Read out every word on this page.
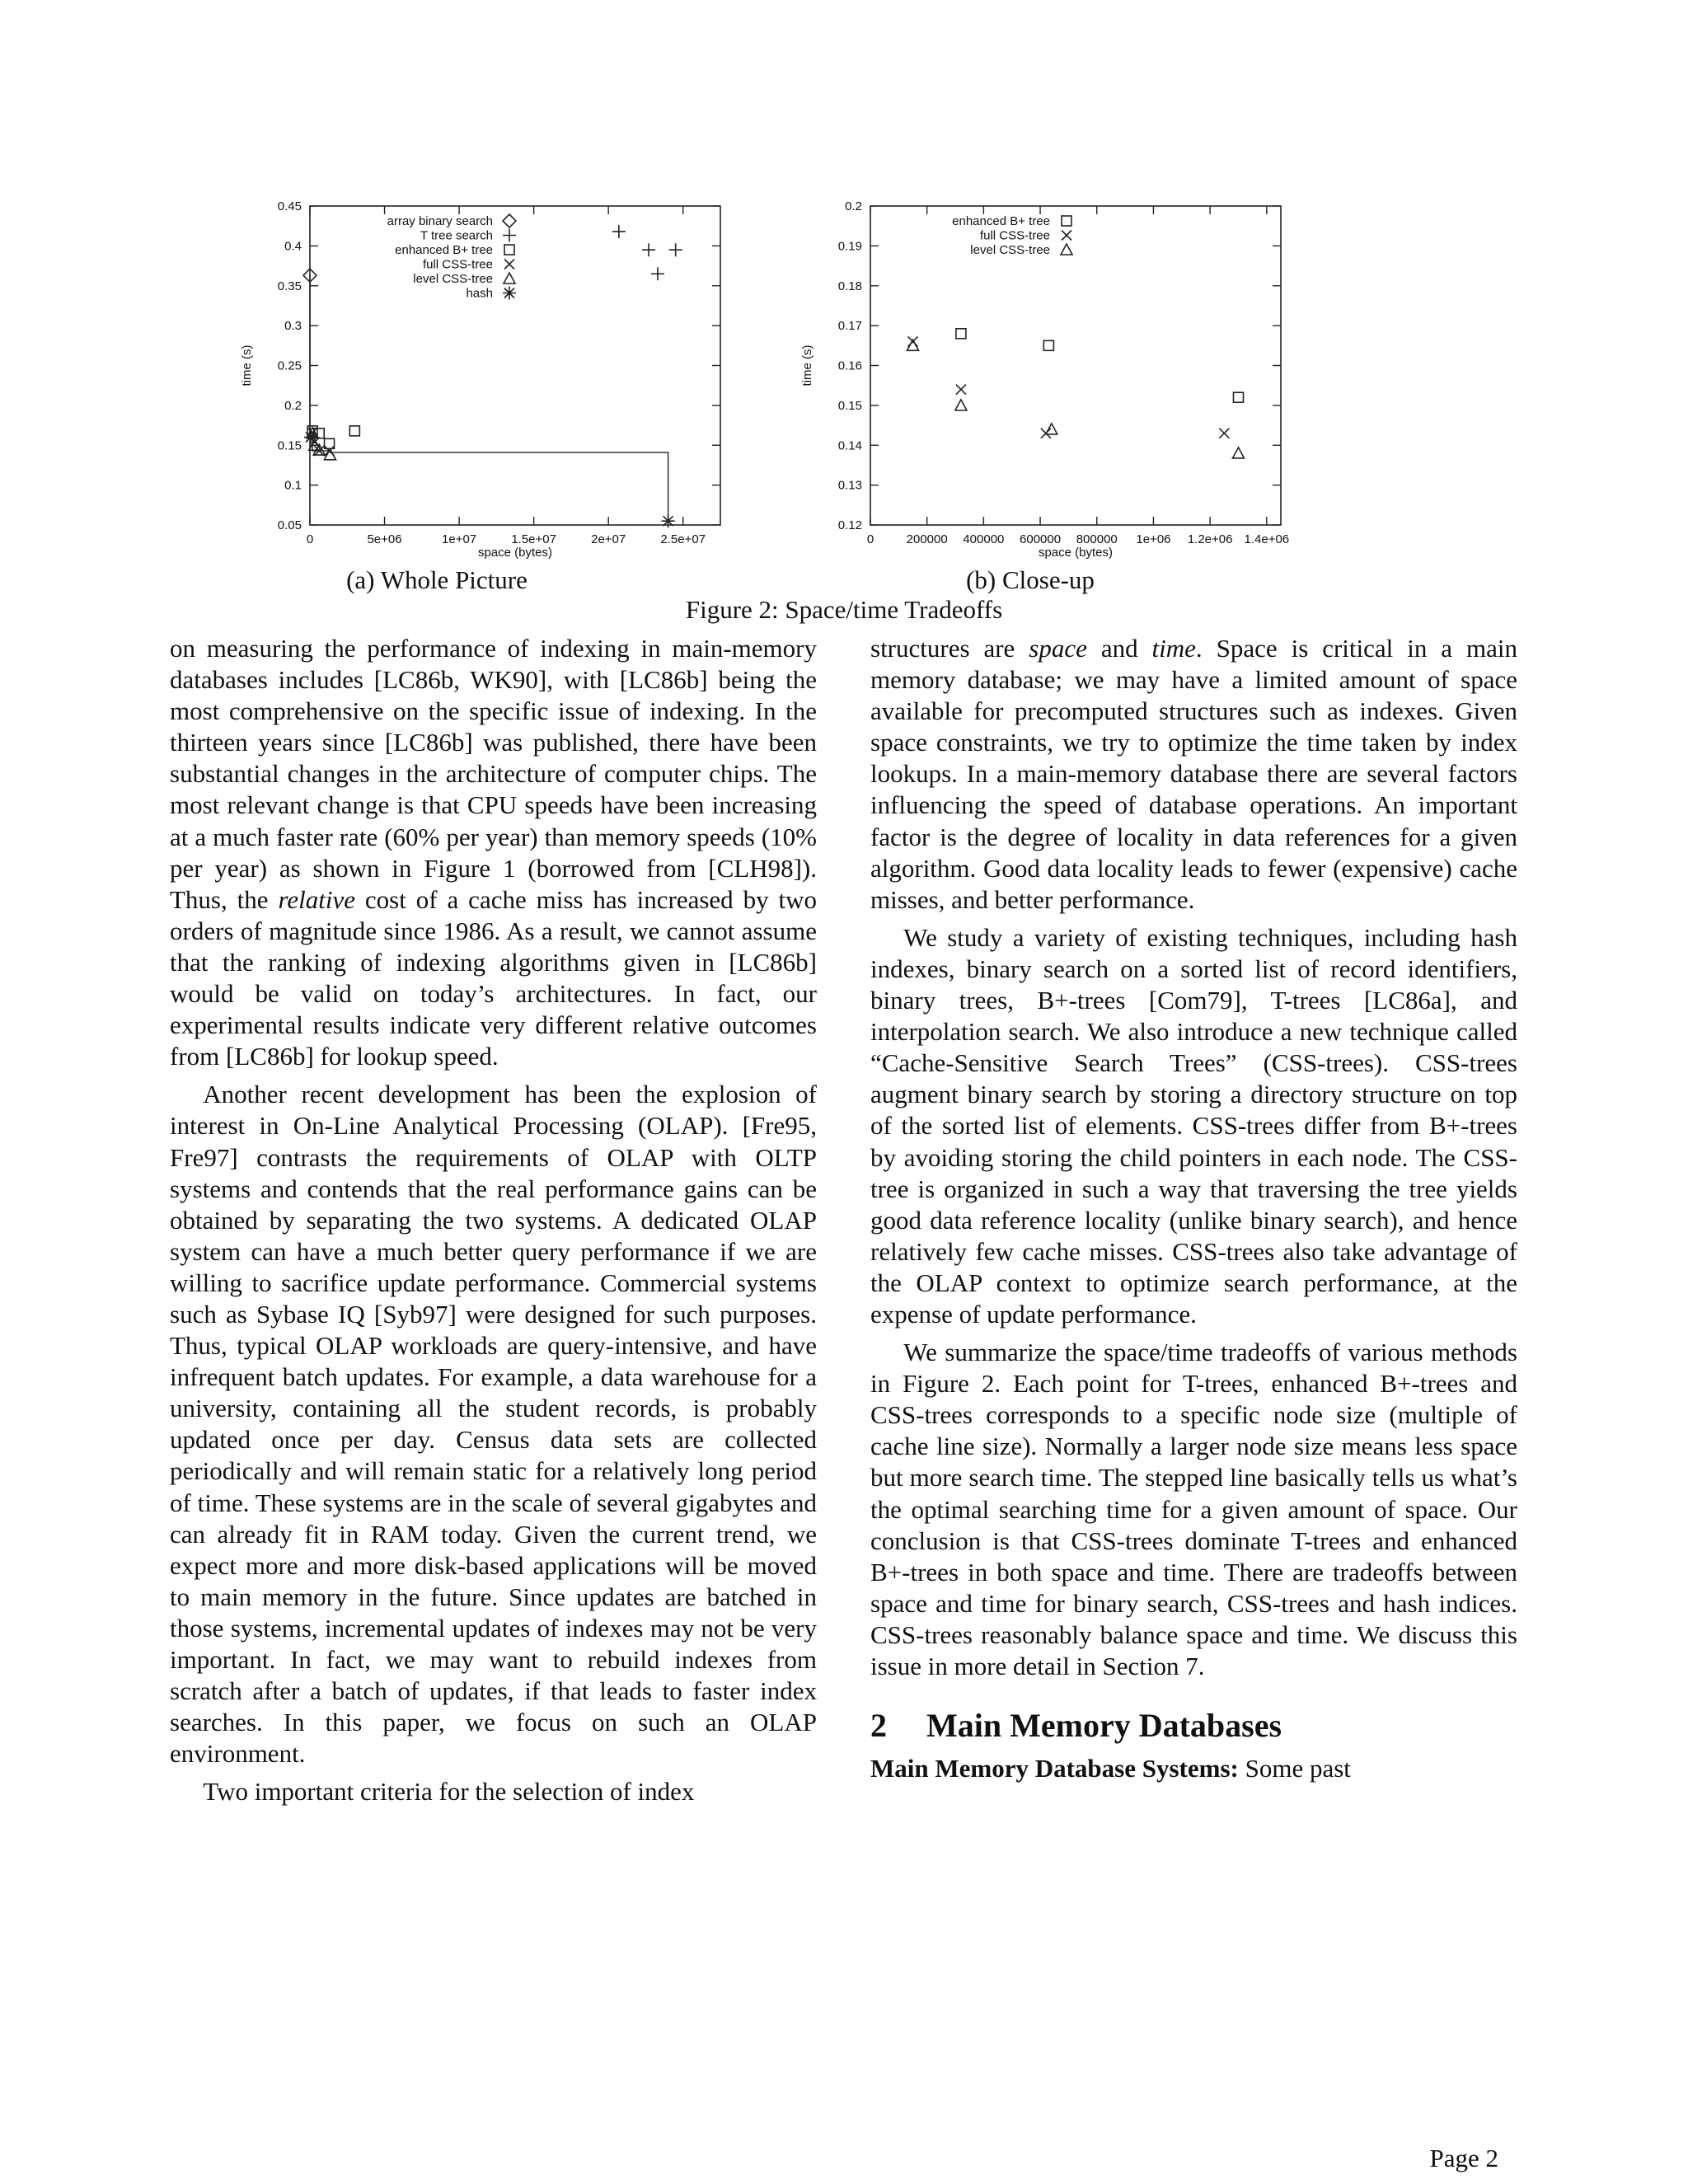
0	5e+06	1e+07	1.5e+07	2e+07	2.5e+07
0.05
0.1
0.15
0.2
0.25
0.3
0.35
0.4
0.45
space (bytes)
time (s)
array binary search
T tree search
enhanced B+ tree
full CSS-tree
level CSS-tree
hash
0	200000 400000 600000 800000 1e+06 1.2e+06 1.4e+06
0.12
0.13
0.14
0.15
0.16
0.17
0.18
0.19
0.2
space (bytes)
time (s)
enhanced B+ tree
full CSS-tree
level CSS-tree
(a) Whole Picture	(b) Close-up
Figure 2: Space/time Tradeoffs

on measuring the performance of indexing in main-memory databases includes [LC86b, WK90], with [LC86b] being the most comprehensive on the specific issue of indexing. In the thirteen years since [LC86b] was published, there have been substantial changes in the architecture of computer chips. The most relevant change is that CPU speeds have been increasing at a much faster rate (60% per year) than memory speeds (10% per year) as shown in Figure 1 (borrowed from [CLH98]). Thus, the relative cost of a cache miss has increased by two orders of magnitude since 1986. As a result, we cannot assume that the ranking of indexing algorithms given in [LC86b] would be valid on today’s architectures. In fact, our experimental results indicate very different relative outcomes from [LC86b] for lookup speed.

Another recent development has been the explosion of interest in On-Line Analytical Processing (OLAP). [Fre95, Fre97] contrasts the requirements of OLAP with OLTP systems and contends that the real performance gains can be obtained by separating the two systems. A dedicated OLAP system can have a much better query performance if we are willing to sacrifice update performance. Commercial systems such as Sybase IQ [Syb97] were designed for such purposes. Thus, typical OLAP workloads are query-intensive, and have infrequent batch updates. For example, a data warehouse for a university, containing all the student records, is probably updated once per day. Census data sets are collected periodically and will remain static for a relatively long period of time. These systems are in the scale of several gigabytes and can already fit in RAM today. Given the current trend, we expect more and more disk-based applications will be moved to main memory in the future. Since updates are batched in those systems, incremental updates of indexes may not be very important. In fact, we may want to rebuild indexes from scratch after a batch of updates, if that leads to faster index searches. In this paper, we focus on such an OLAP environment.

Two important criteria for the selection of index

structures are space and time. Space is critical in a main memory database; we may have a limited amount of space available for precomputed structures such as indexes. Given space constraints, we try to optimize the time taken by index lookups. In a main-memory database there are several factors influencing the speed of database operations. An important factor is the degree of locality in data references for a given algorithm. Good data locality leads to fewer (expensive) cache misses, and better performance.

We study a variety of existing techniques, including hash indexes, binary search on a sorted list of record identifiers, binary trees, B+-trees [Com79], T-trees [LC86a], and interpolation search. We also introduce a new technique called “Cache-Sensitive Search Trees” (CSS-trees). CSS-trees augment binary search by storing a directory structure on top of the sorted list of elements. CSS-trees differ from B+-trees by avoiding storing the child pointers in each node. The CSS-tree is organized in such a way that traversing the tree yields good data reference locality (unlike binary search), and hence relatively few cache misses. CSS-trees also take advantage of the OLAP context to optimize search performance, at the expense of update performance.

We summarize the space/time tradeoffs of various methods in Figure 2. Each point for T-trees, enhanced B+-trees and CSS-trees corresponds to a specific node size (multiple of cache line size). Normally a larger node size means less space but more search time. The stepped line basically tells us what’s the optimal searching time for a given amount of space. Our conclusion is that CSS-trees dominate T-trees and enhanced B+-trees in both space and time. There are tradeoffs between space and time for binary search, CSS-trees and hash indices. CSS-trees reasonably balance space and time. We discuss this issue in more detail in Section 7.

2 Main Memory Databases

Main Memory Database Systems: Some past

Page 2
